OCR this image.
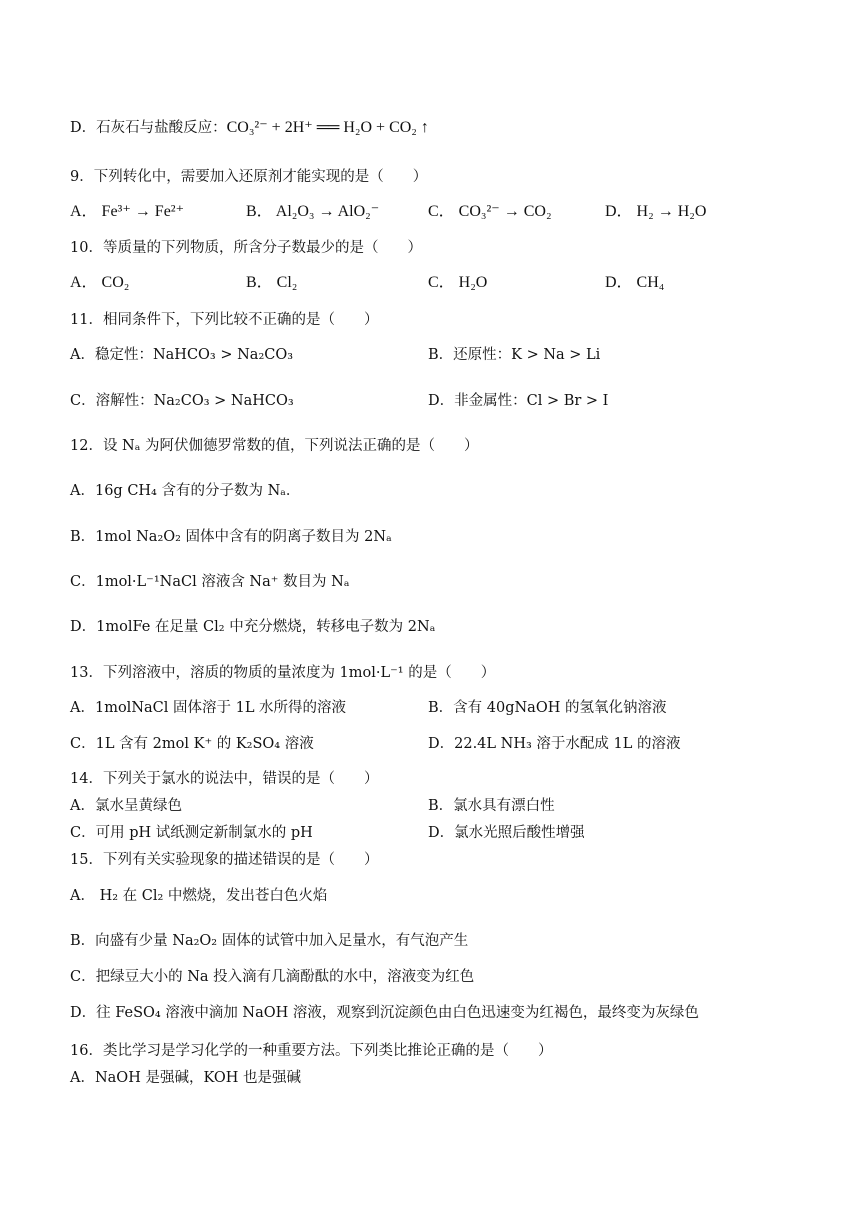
D．石灰石与盐酸反应：CO₃²⁻ + 2H⁺ ══ H₂O + CO₂ ↑
9．下列转化中，需要加入还原剂才能实现的是（　　）
A． Fe³⁺ → Fe²⁺	B． Al₂O₃ → AlO₂⁻	C． CO₃²⁻ → CO₂	D． H₂ → H₂O
10．等质量的下列物质，所含分子数最少的是（　　）
A． CO₂	B． Cl₂	C． H₂O	D． CH₄
11．相同条件下，下列比较不正确的是（　　）
A．稳定性：NaHCO₃ > Na₂CO₃	B．还原性：K > Na > Li
C．溶解性：Na₂CO₃ > NaHCO₃	D．非金属性：Cl > Br > I
12．设 Nₐ 为阿伏伽德罗常数的值，下列说法正确的是（　　）
A．16g CH₄ 含有的分子数为 Nₐ．
B．1mol Na₂O₂ 固体中含有的阴离子数目为 2Nₐ
C．1mol·L⁻¹NaCl 溶液含 Na⁺ 数目为 Nₐ
D．1molFe 在足量 Cl₂ 中充分燃烧，转移电子数为 2Nₐ
13．下列溶液中，溶质的物质的量浓度为 1mol·L⁻¹ 的是（　　）
A．1molNaCl 固体溶于 1L 水所得的溶液	B．含有 40gNaOH 的氢氧化钠溶液
C．1L 含有 2mol K⁺ 的 K₂SO₄ 溶液	D．22.4L NH₃ 溶于水配成 1L 的溶液
14．下列关于氯水的说法中，错误的是（　　）
A．氯水呈黄绿色	B．氯水具有漂白性
C．可用 pH 试纸测定新制氯水的 pH	D．氯水光照后酸性增强
15．下列有关实验现象的描述错误的是（　　）
A． H₂ 在 Cl₂ 中燃烧，发出苍白色火焰
B．向盛有少量 Na₂O₂ 固体的试管中加入足量水，有气泡产生
C．把绿豆大小的 Na 投入滴有几滴酚酞的水中，溶液变为红色
D．往 FeSO₄ 溶液中滴加 NaOH 溶液，观察到沉淀颜色由白色迅速变为红褐色，最终变为灰绿色
16．类比学习是学习化学的一种重要方法。下列类比推论正确的是（　　）
A．NaOH 是强碱，KOH 也是强碱
